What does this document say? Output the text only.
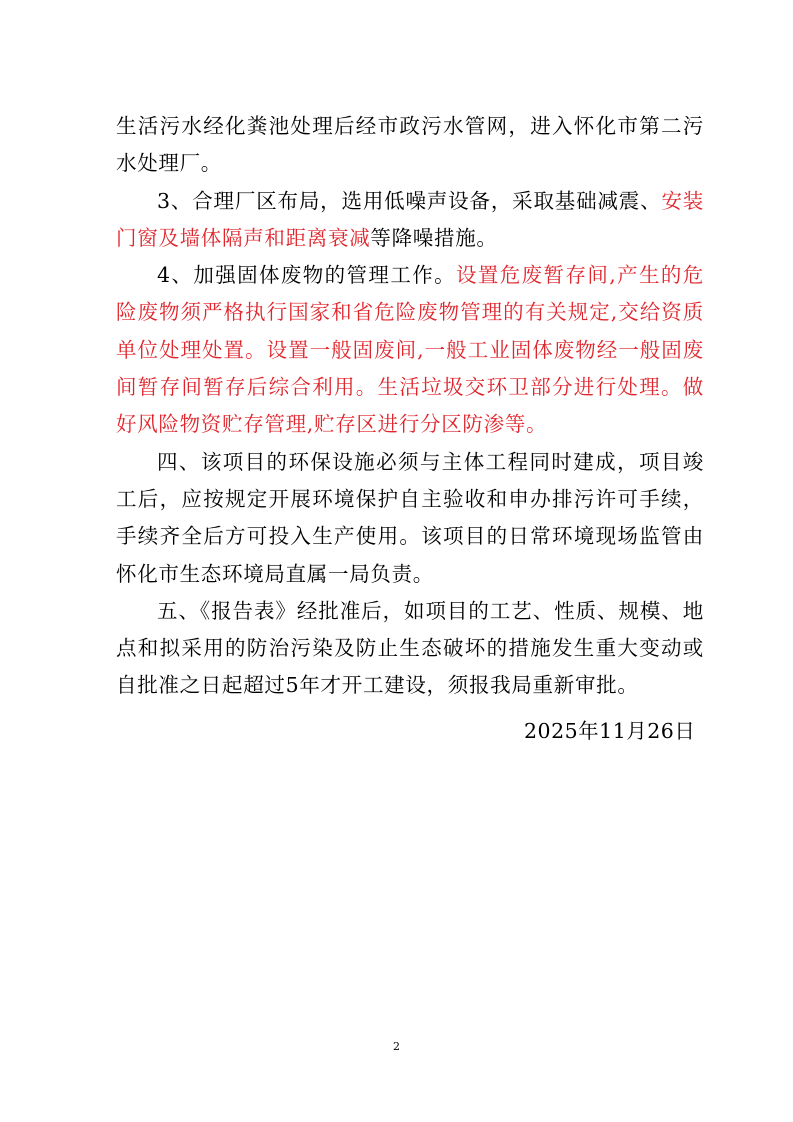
生活污水经化粪池处理后经市政污水管网，进入怀化市第二污水处理厂。

3、合理厂区布局，选用低噪声设备，采取基础减震、安装门窗及墙体隔声和距离衰减等降噪措施。

4、加强固体废物的管理工作。设置危废暂存间,产生的危险废物须严格执行国家和省危险废物管理的有关规定,交给资质单位处理处置。设置一般固废间,一般工业固体废物经一般固废间暂存间暂存后综合利用。生活垃圾交环卫部分进行处理。做好风险物资贮存管理,贮存区进行分区防渗等。

四、该项目的环保设施必须与主体工程同时建成，项目竣工后，应按规定开展环境保护自主验收和申办排污许可手续，手续齐全后方可投入生产使用。该项目的日常环境现场监管由怀化市生态环境局直属一局负责。

五、《报告表》经批准后，如项目的工艺、性质、规模、地点和拟采用的防治污染及防止生态破坏的措施发生重大变动或自批准之日起超过5年才开工建设，须报我局重新审批。

2025年11月26日
2
